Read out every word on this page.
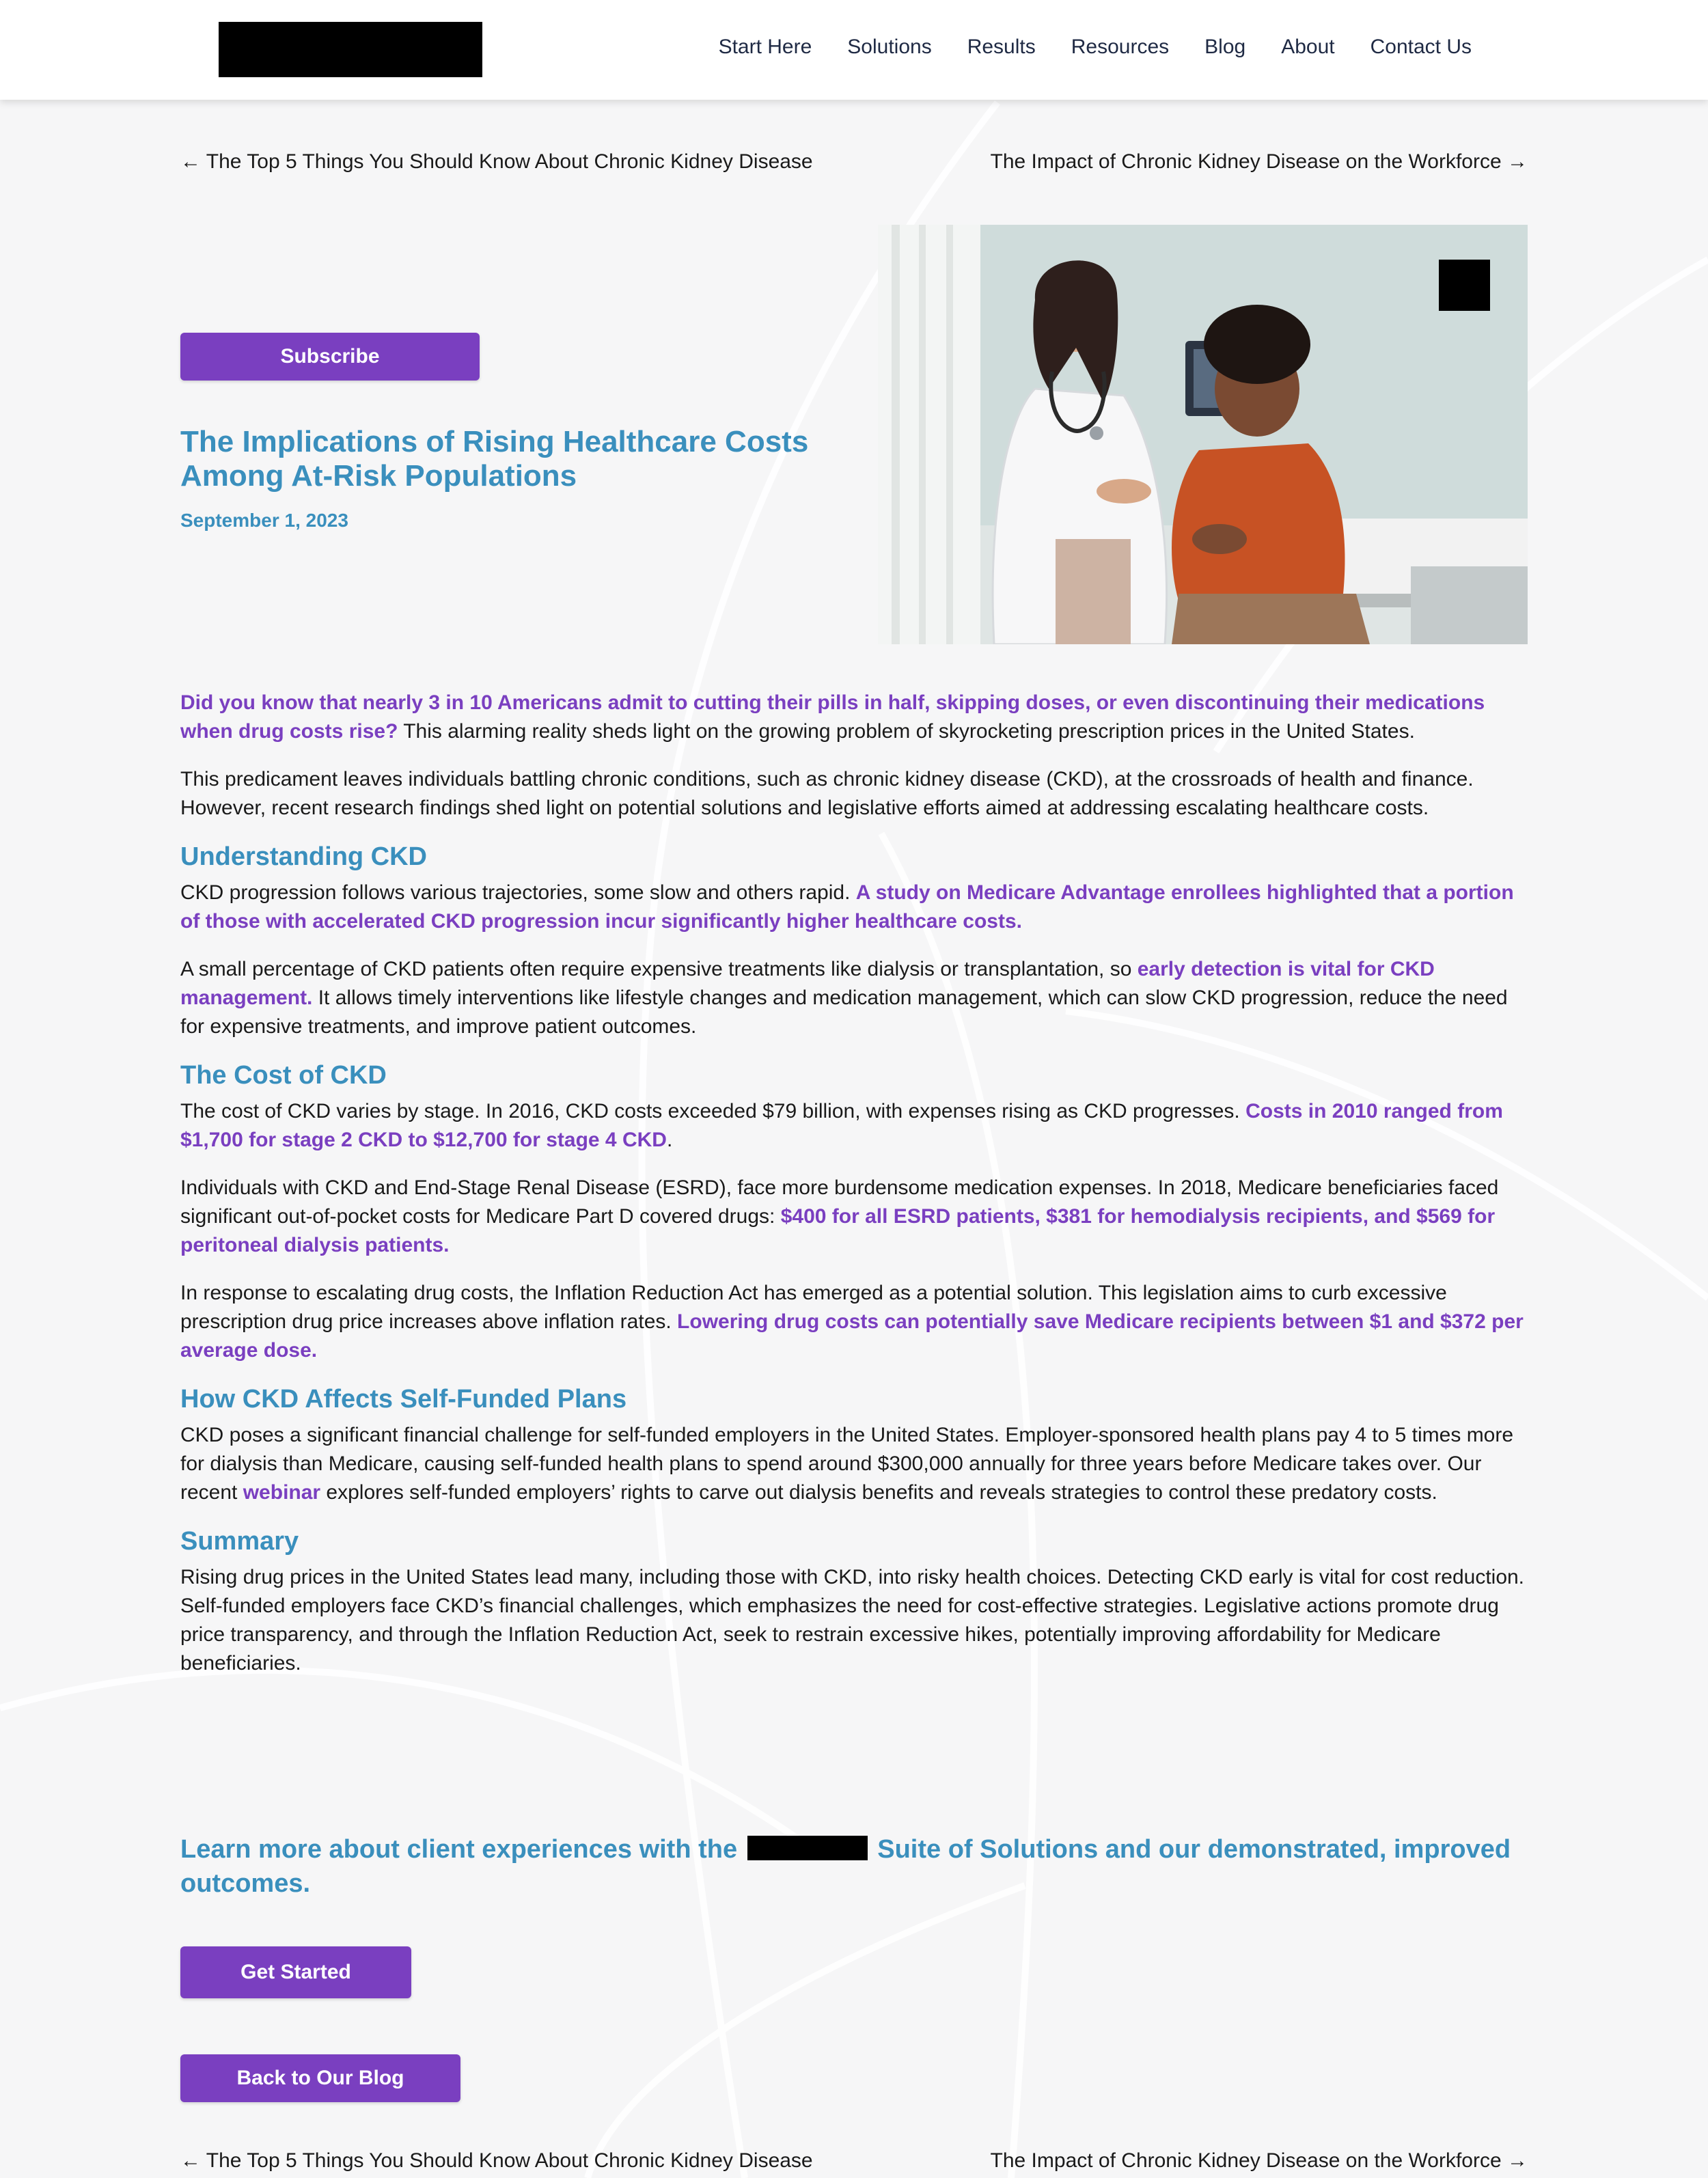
Start Here Solutions Results Resources Blog About Contact Us
← The Top 5 Things You Should Know About Chronic Kidney Disease	The Impact of Chronic Kidney Disease on the Workforce →
Subscribe
The Implications of Rising Healthcare Costs Among At-Risk Populations
September 1, 2023

Did you know that nearly 3 in 10 Americans admit to cutting their pills in half, skipping doses, or even discontinuing their medications when drug costs rise? This alarming reality sheds light on the growing problem of skyrocketing prescription prices in the United States.

This predicament leaves individuals battling chronic conditions, such as chronic kidney disease (CKD), at the crossroads of health and finance. However, recent research findings shed light on potential solutions and legislative efforts aimed at addressing escalating healthcare costs.

Understanding CKD

CKD progression follows various trajectories, some slow and others rapid. A study on Medicare Advantage enrollees highlighted that a portion of those with accelerated CKD progression incur significantly higher healthcare costs.

A small percentage of CKD patients often require expensive treatments like dialysis or transplantation, so early detection is vital for CKD management. It allows timely interventions like lifestyle changes and medication management, which can slow CKD progression, reduce the need for expensive treatments, and improve patient outcomes.

The Cost of CKD

The cost of CKD varies by stage. In 2016, CKD costs exceeded $79 billion, with expenses rising as CKD progresses. Costs in 2010 ranged from $1,700 for stage 2 CKD to $12,700 for stage 4 CKD.

Individuals with CKD and End-Stage Renal Disease (ESRD), face more burdensome medication expenses. In 2018, Medicare beneficiaries faced significant out-of-pocket costs for Medicare Part D covered drugs: $400 for all ESRD patients, $381 for hemodialysis recipients, and $569 for peritoneal dialysis patients.

In response to escalating drug costs, the Inflation Reduction Act has emerged as a potential solution. This legislation aims to curb excessive prescription drug price increases above inflation rates. Lowering drug costs can potentially save Medicare recipients between $1 and $372 per average dose.

How CKD Affects Self-Funded Plans

CKD poses a significant financial challenge for self-funded employers in the United States. Employer-sponsored health plans pay 4 to 5 times more for dialysis than Medicare, causing self-funded health plans to spend around $300,000 annually for three years before Medicare takes over. Our recent webinar explores self-funded employers’ rights to carve out dialysis benefits and reveals strategies to control these predatory costs.

Summary

Rising drug prices in the United States lead many, including those with CKD, into risky health choices. Detecting CKD early is vital for cost reduction. Self-funded employers face CKD’s financial challenges, which emphasizes the need for cost-effective strategies. Legislative actions promote drug price transparency, and through the Inflation Reduction Act, seek to restrain excessive hikes, potentially improving affordability for Medicare beneficiaries.

Learn more about client experiences with the	Suite of Solutions and our demonstrated, improved outcomes.

Get Started
Back to Our Blog
← The Top 5 Things You Should Know About Chronic Kidney Disease	The Impact of Chronic Kidney Disease on the Workforce →
